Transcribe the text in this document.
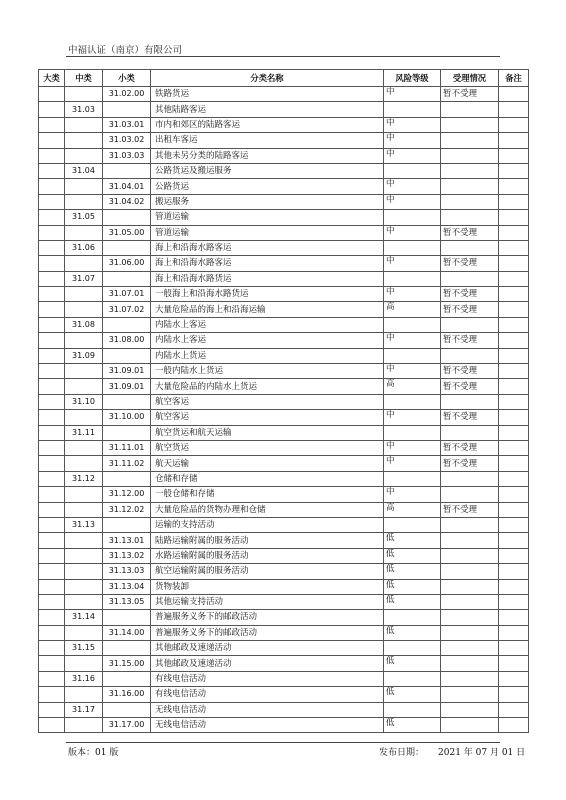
中福认证（南京）有限公司
大类	中类	小类	分类名称	风险等级	受理情况	备注
		31.02.00	铁路货运	中	暂不受理	
	31.03		其他陆路客运			
		31.03.01	市内和郊区的陆路客运	中		
		31.03.02	出租车客运	中		
		31.03.03	其他未另分类的陆路客运	中		
	31.04		公路货运及搬运服务			
		31.04.01	公路货运	中		
		31.04.02	搬运服务	中		
	31.05		管道运输			
		31.05.00	管道运输	中	暂不受理	
	31.06		海上和沿海水路客运			
		31.06.00	海上和沿海水路客运	中	暂不受理	
	31.07		海上和沿海水路货运			
		31.07.01	一般海上和沿海水路货运	中	暂不受理	
		31.07.02	大量危险品的海上和沿海运输	高	暂不受理	
	31.08		内陆水上客运			
		31.08.00	内陆水上客运	中	暂不受理	
	31.09		内陆水上货运			
		31.09.01	一般内陆水上货运	中	暂不受理	
		31.09.01	大量危险品的内陆水上货运	高	暂不受理	
	31.10		航空客运			
		31.10.00	航空客运	中	暂不受理	
	31.11		航空货运和航天运输			
		31.11.01	航空货运	中	暂不受理	
		31.11.02	航天运输	中	暂不受理	
	31.12		仓储和存储			
		31.12.00	一般仓储和存储	中		
		31.12.02	大量危险品的货物办理和仓储	高	暂不受理	
	31.13		运输的支持活动			
		31.13.01	陆路运输附属的服务活动	低		
		31.13.02	水路运输附属的服务活动	低		
		31.13.03	航空运输附属的服务活动	低		
		31.13.04	货物装卸	低		
		31.13.05	其他运输支持活动	低		
	31.14		普遍服务义务下的邮政活动			
		31.14.00	普遍服务义务下的邮政活动	低		
	31.15		其他邮政及速递活动			
		31.15.00	其他邮政及速递活动	低		
	31.16		有线电信活动			
		31.16.00	有线电信活动	低		
	31.17		无线电信活动			
		31.17.00	无线电信活动	低		
版本：01 版	发布日期： 2021 年 07 月 01 日
